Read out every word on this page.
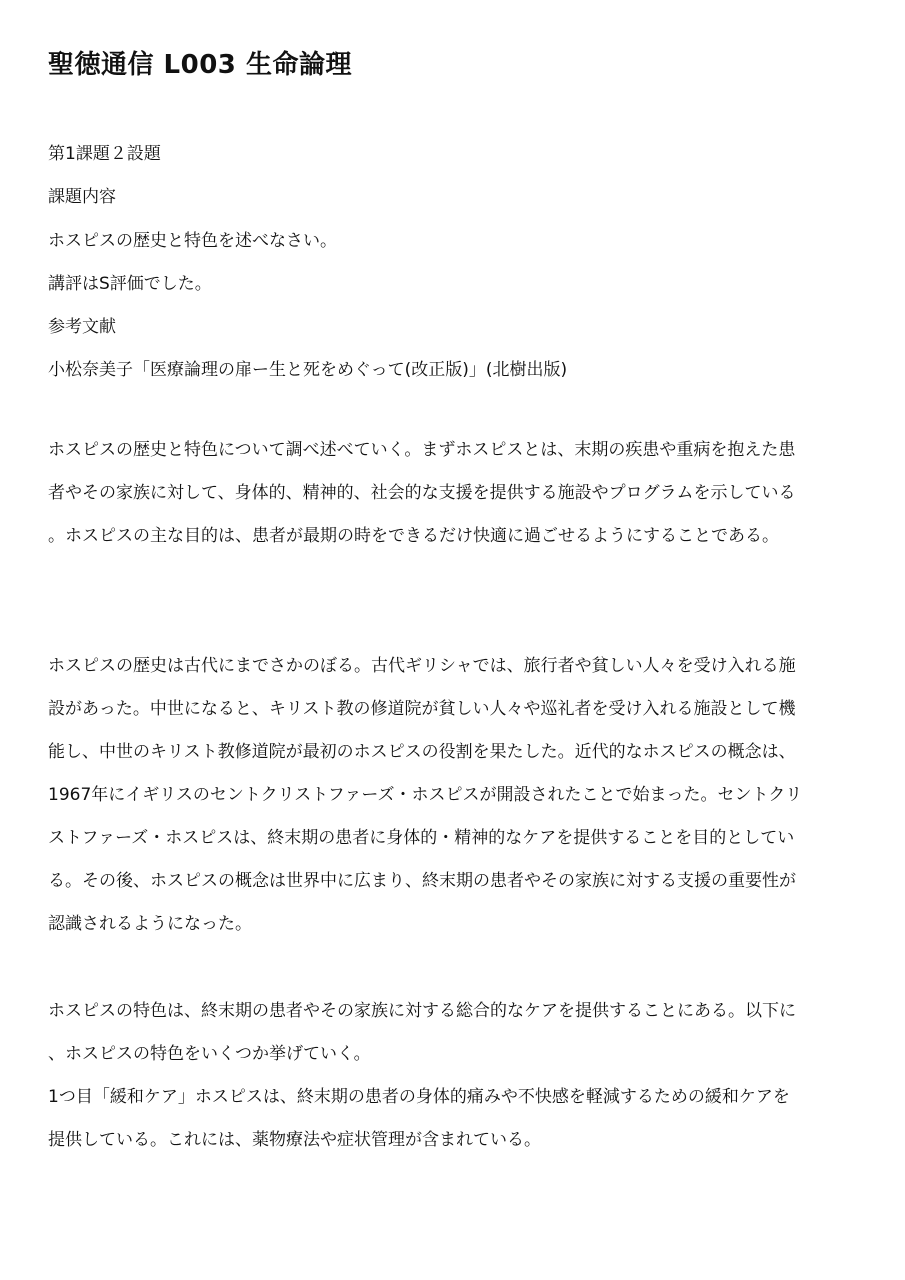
聖徳通信 L003 生命論理
第1課題２設題
課題内容
ホスピスの歴史と特色を述べなさい。
講評はS評価でした。
参考文献
小松奈美子「医療論理の扉ー生と死をめぐって(改正版)」(北樹出版)
ホスピスの歴史と特色について調べ述べていく。まずホスピスとは、末期の疾患や重病を抱えた患
者やその家族に対して、身体的、精神的、社会的な支援を提供する施設やプログラムを示している
。ホスピスの主な目的は、患者が最期の時をできるだけ快適に過ごせるようにすることである。
ホスピスの歴史は古代にまでさかのぼる。古代ギリシャでは、旅行者や貧しい人々を受け入れる施
設があった。中世になると、キリスト教の修道院が貧しい人々や巡礼者を受け入れる施設として機
能し、中世のキリスト教修道院が最初のホスピスの役割を果たした。近代的なホスピスの概念は、
1967年にイギリスのセントクリストファーズ・ホスピスが開設されたことで始まった。セントクリ
ストファーズ・ホスピスは、終末期の患者に身体的・精神的なケアを提供することを目的としてい
る。その後、ホスピスの概念は世界中に広まり、終末期の患者やその家族に対する支援の重要性が
認識されるようになった。
ホスピスの特色は、終末期の患者やその家族に対する総合的なケアを提供することにある。以下に
、ホスピスの特色をいくつか挙げていく。
1つ目「緩和ケア」ホスピスは、終末期の患者の身体的痛みや不快感を軽減するための緩和ケアを
提供している。これには、薬物療法や症状管理が含まれている。
